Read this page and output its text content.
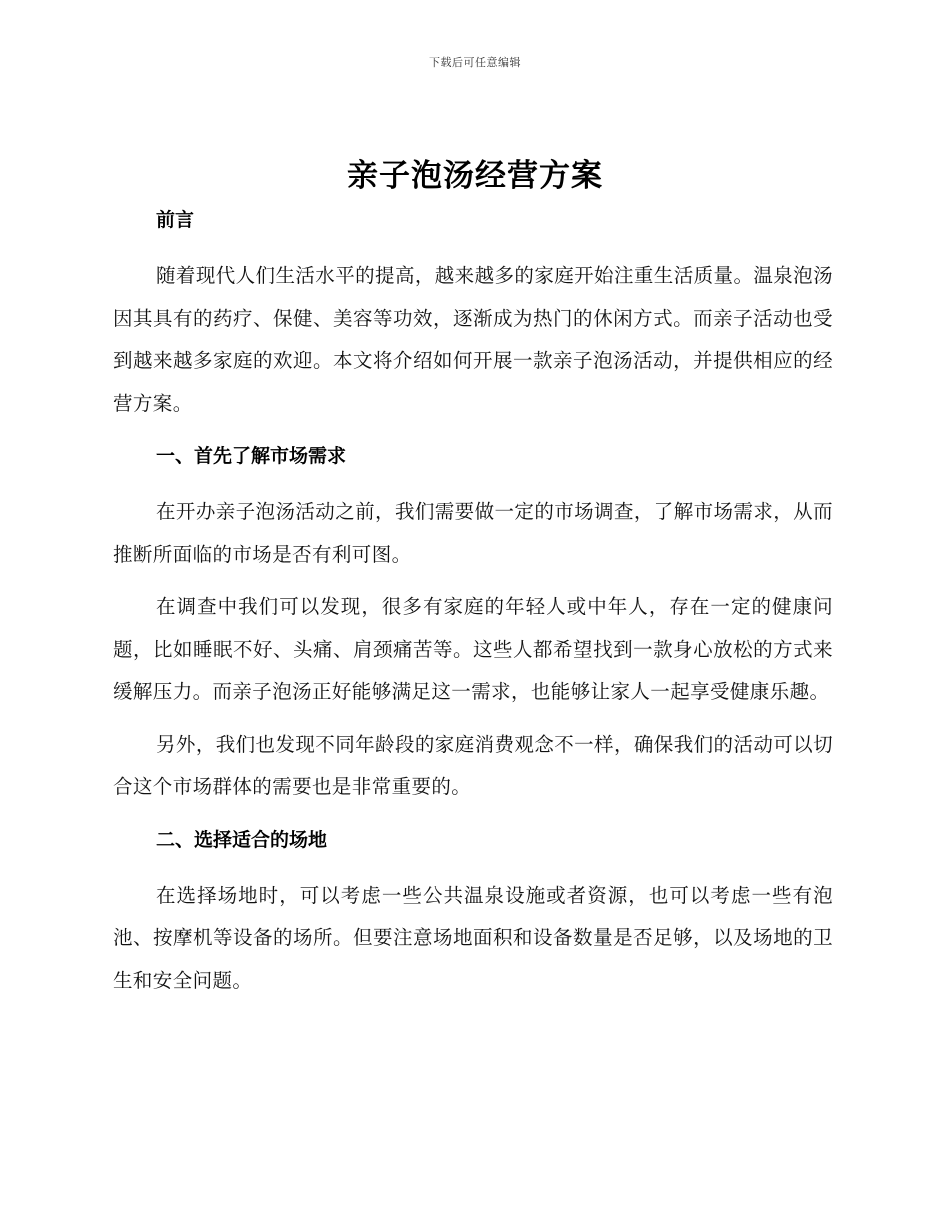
下载后可任意编辑
亲子泡汤经营方案
前言

随着现代人们生活水平的提高，越来越多的家庭开始注重生活质量。温泉泡汤因其具有的药疗、保健、美容等功效，逐渐成为热门的休闲方式。而亲子活动也受到越来越多家庭的欢迎。本文将介绍如何开展一款亲子泡汤活动，并提供相应的经营方案。

一、首先了解市场需求

在开办亲子泡汤活动之前，我们需要做一定的市场调查，了解市场需求，从而推断所面临的市场是否有利可图。

在调查中我们可以发现，很多有家庭的年轻人或中年人，存在一定的健康问题，比如睡眠不好、头痛、肩颈痛苦等。这些人都希望找到一款身心放松的方式来缓解压力。而亲子泡汤正好能够满足这一需求，也能够让家人一起享受健康乐趣。

另外，我们也发现不同年龄段的家庭消费观念不一样，确保我们的活动可以切合这个市场群体的需要也是非常重要的。

二、选择适合的场地

在选择场地时，可以考虑一些公共温泉设施或者资源，也可以考虑一些有泡池、按摩机等设备的场所。但要注意场地面积和设备数量是否足够，以及场地的卫生和安全问题。
